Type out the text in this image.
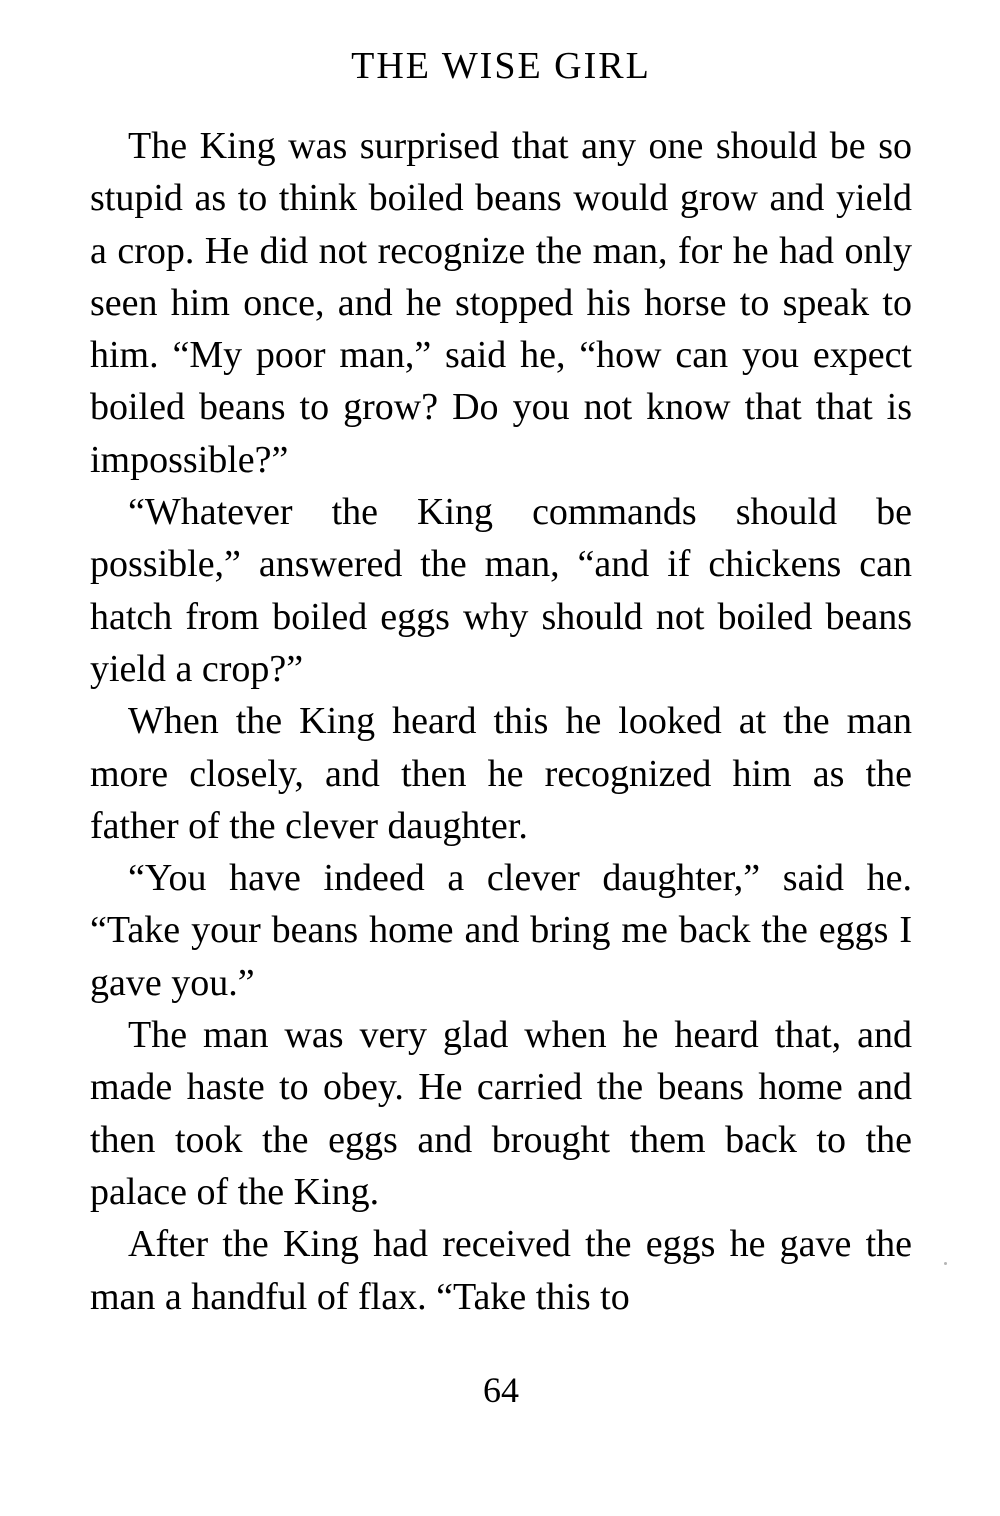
THE WISE GIRL

The King was surprised that any one should be so stupid as to think boiled beans would grow and yield a crop. He did not recognize the man, for he had only seen him once, and he stopped his horse to speak to him. “My poor man,” said he, “how can you expect boiled beans to grow? Do you not know that that is impossible?”

“Whatever the King commands should be possible,” answered the man, “and if chickens can hatch from boiled eggs why should not boiled beans yield a crop?”

When the King heard this he looked at the man more closely, and then he recognized him as the father of the clever daughter.

“You have indeed a clever daughter,” said he. “Take your beans home and bring me back the eggs I gave you.”

The man was very glad when he heard that, and made haste to obey. He carried the beans home and then took the eggs and brought them back to the palace of the King.

After the King had received the eggs he gave the man a handful of flax. “Take this to

64
